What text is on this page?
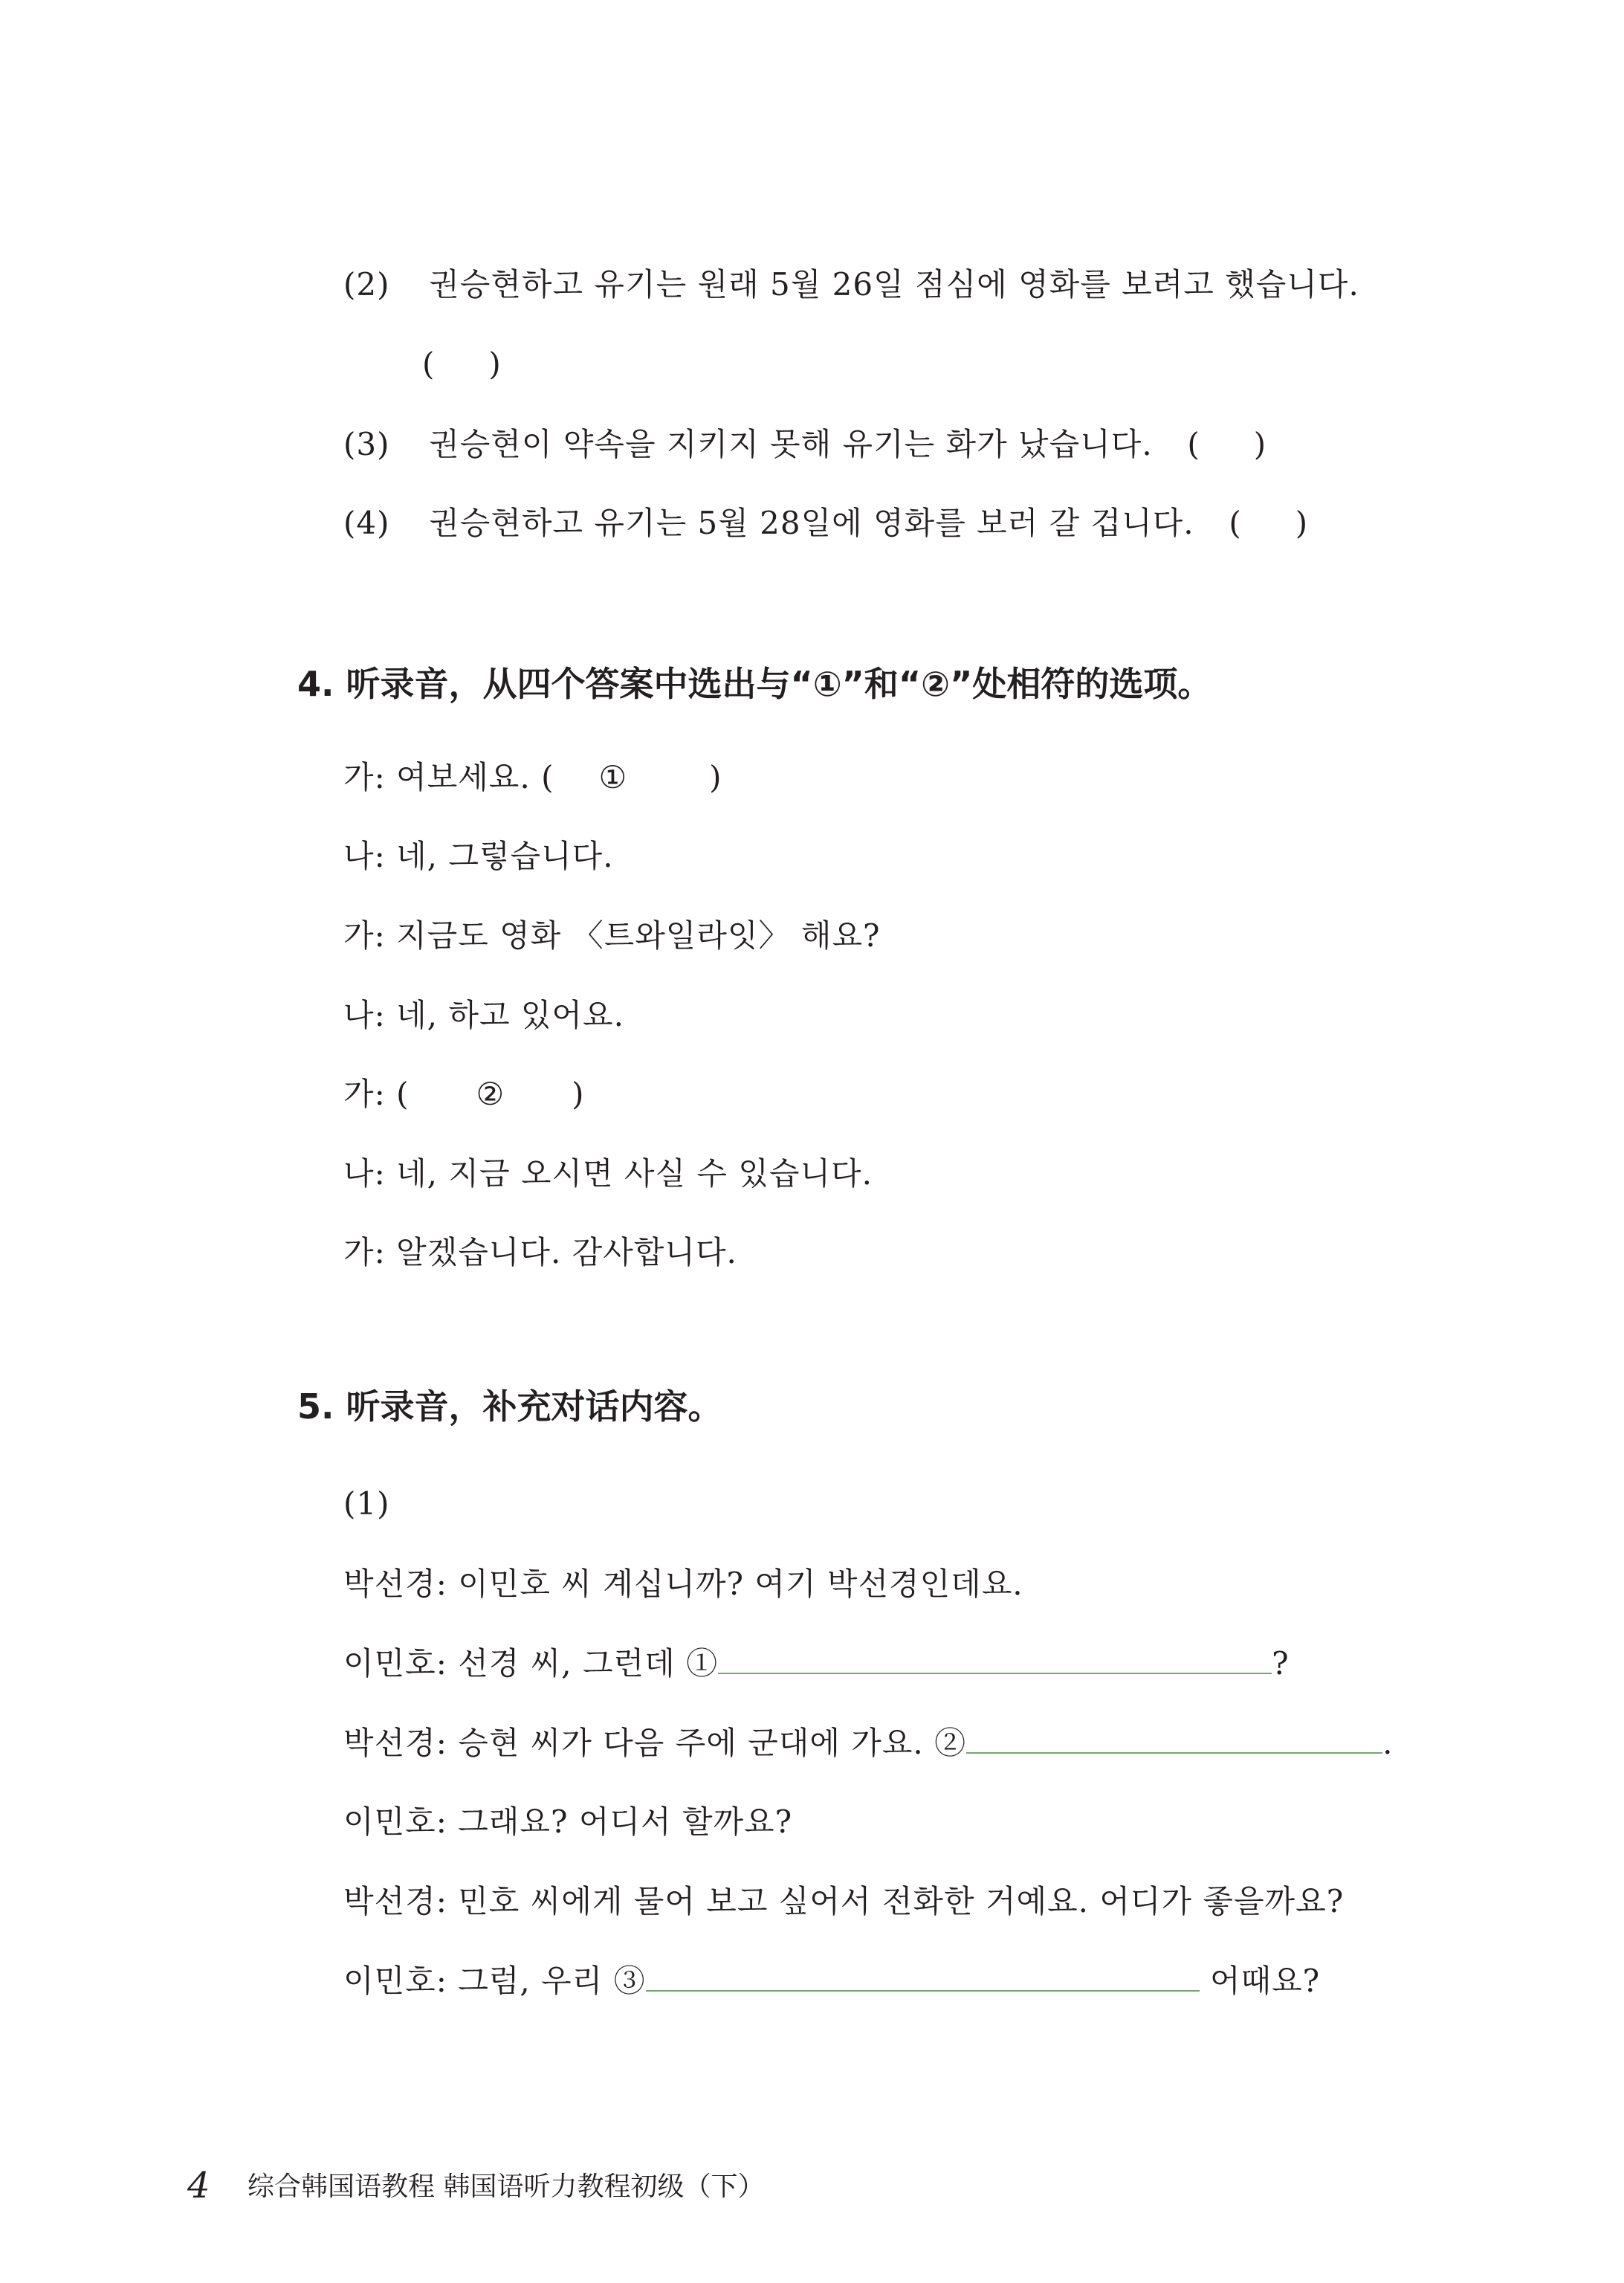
(2) 권승현하고 유기는 원래 5월 26일 점심에 영화를 보려고 했습니다.
( )
(3) 권승현이 약속을 지키지 못해 유기는 화가 났습니다. ( )
(4) 권승현하고 유기는 5월 28일에 영화를 보러 갈 겁니다. ( )
4. 听录音，从四个答案中选出与“①”和“②”处相符的选项。
가: 여보세요. ( ①	)
나: 네, 그렇습니다.
가: 지금도 영화 〈트와일라잇〉 해요?
나: 네, 하고 있어요.
가: ( ② )
나: 네, 지금 오시면 사실 수 있습니다.
가: 알겠습니다. 감사합니다.
5. 听录音，补充对话内容。
(1)
박선경: 이민호 씨 계십니까? 여기 박선경인데요.
이민호: 선경 씨, 그런데 ①	?
박선경: 승현 씨가 다음 주에 군대에 가요. ②	.
이민호: 그래요? 어디서 할까요?
박선경: 민호 씨에게 물어 보고 싶어서 전화한 거예요. 어디가 좋을까요?
이민호: 그럼, 우리 ③	어때요?
4 综合韩国语教程 韩国语听力教程初级（下）
